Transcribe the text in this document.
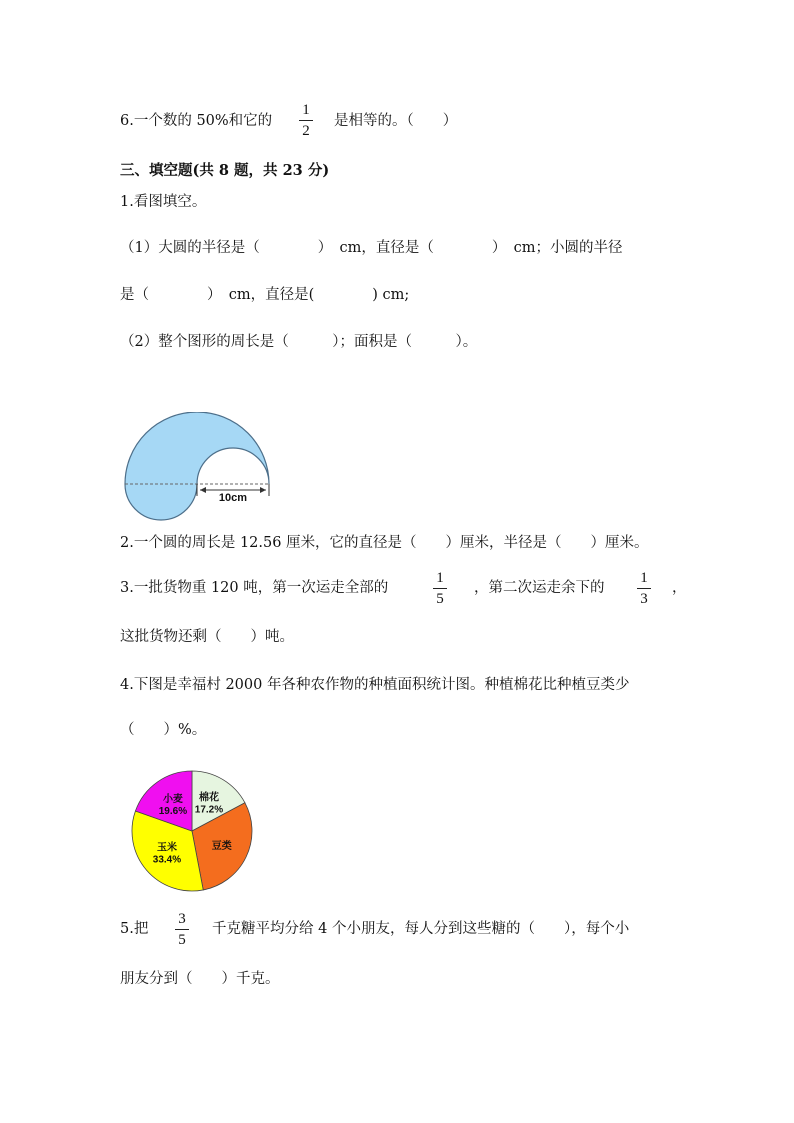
6.一个数的 50%和它的
1
2
是相等的。（　　）
三、填空题(共 8 题，共 23 分)
1.看图填空。
（1）大圆的半径是（　　　　）　cm，直径是（　　　　）　cm；小圆的半径
是（　　　　）　cm，直径是(　　　　) cm;
（2）整个图形的周长是（　　　）；面积是（　　　）。
10cm
2.一个圆的周长是 12.56 厘米，它的直径是（　　）厘米，半径是（　　）厘米。
3.一批货物重 120 吨，第一次运走全部的
1
5
，第二次运走余下的
1
3
，
这批货物还剩（　　）吨。
4.下图是幸福村 2000 年各种农作物的种植面积统计图。种植棉花比种植豆类少
（　　）%。
棉花
17.2%
豆类
玉米
33.4%
小麦
19.6%
5.把
3
5
千克糖平均分给 4 个小朋友，每人分到这些糖的（　　），每个小
朋友分到（　　）千克。
